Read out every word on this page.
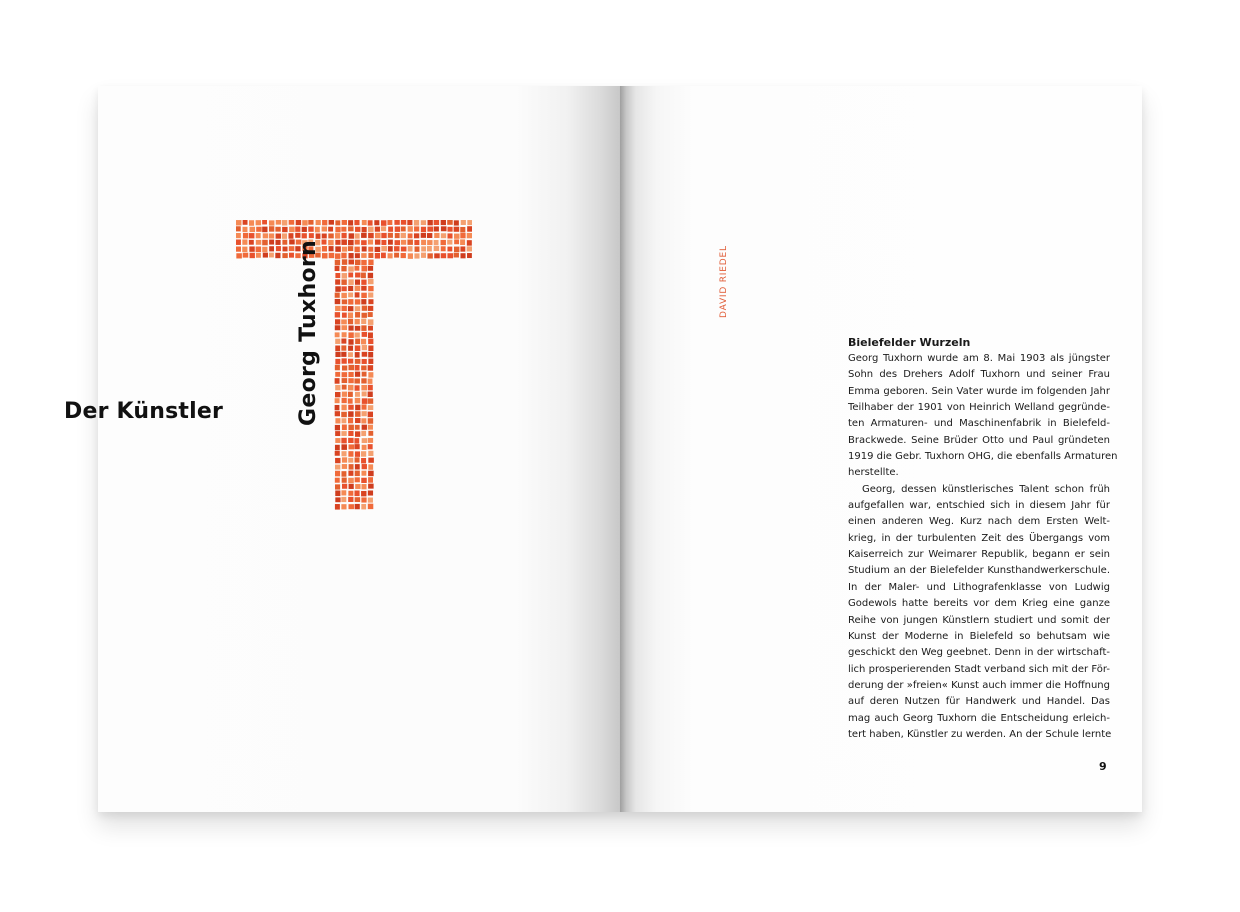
Der Künstler	Georg Tuxhorn	DAVID RIEDEL
Bielefelder Wurzeln
Georg Tuxhorn wurde am 8. Mai 1903 als jüngster
Sohn des Drehers Adolf Tuxhorn und seiner Frau
Emma geboren. Sein Vater wurde im folgenden Jahr
Teilhaber der 1901 von Heinrich Welland gegründe-
ten Armaturen- und Maschinenfabrik in Bielefeld-
Brackwede. Seine Brüder Otto und Paul gründeten
1919 die Gebr. Tuxhorn OHG, die ebenfalls Armaturen
herstellte.
Georg, dessen künstlerisches Talent schon früh
aufgefallen war, entschied sich in diesem Jahr für
einen anderen Weg. Kurz nach dem Ersten Welt-
krieg, in der turbulenten Zeit des Übergangs vom
Kaiserreich zur Weimarer Republik, begann er sein
Studium an der Bielefelder Kunsthandwerkerschule.
In der Maler- und Lithografenklasse von Ludwig
Godewols hatte bereits vor dem Krieg eine ganze
Reihe von jungen Künstlern studiert und somit der
Kunst der Moderne in Bielefeld so behutsam wie
geschickt den Weg geebnet. Denn in der wirtschaft-
lich prosperierenden Stadt verband sich mit der För-
derung der »freien« Kunst auch immer die Hoffnung
auf deren Nutzen für Handwerk und Handel. Das
mag auch Georg Tuxhorn die Entscheidung erleich-
tert haben, Künstler zu werden. An der Schule lernte
9
